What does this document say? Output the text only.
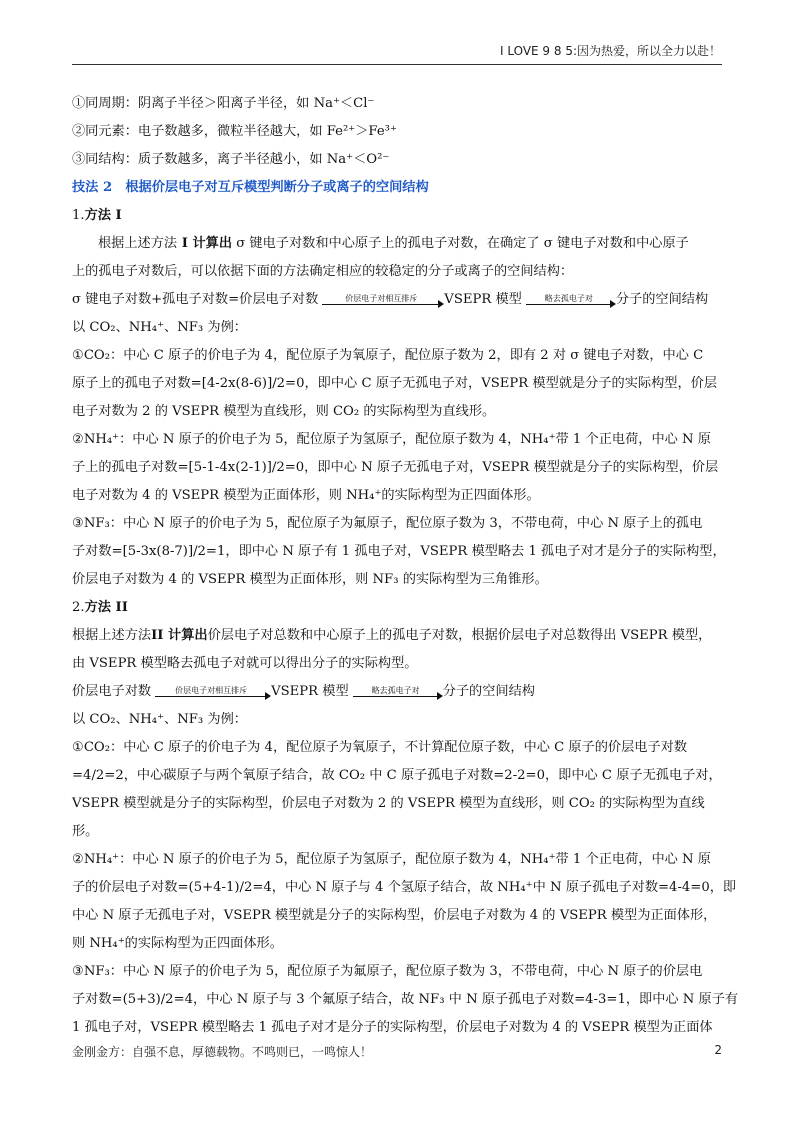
I LOVE 9 8 5:因为热爱，所以全力以赴！
①同周期：阴离子半径＞阳离子半径，如 Na⁺＜Cl⁻
②同元素：电子数越多，微粒半径越大，如 Fe²⁺＞Fe³⁺
③同结构：质子数越多，离子半径越小，如 Na⁺＜O²⁻
技法 2　根据价层电子对互斥模型判断分子或离子的空间结构
1.方法 I
根据上述方法 I 计算出 σ 键电子对数和中心原子上的孤电子对数，在确定了 σ 键电子对数和中心原子
上的孤电子对数后，可以依据下面的方法确定相应的较稳定的分子或离子的空间结构：
σ 键电子对数+孤电子对数=价层电子对数	价层电子对相互排斥	VSEPR 模型	略去孤电子对	分子的空间结构
以 CO₂、NH₄⁺、NF₃ 为例：
①CO₂：中心 C 原子的价电子为 4，配位原子为氧原子，配位原子数为 2，即有 2 对 σ 键电子对数，中心 C
原子上的孤电子对数=[4-2x(8-6)]/2=0，即中心 C 原子无孤电子对，VSEPR 模型就是分子的实际构型，价层
电子对数为 2 的 VSEPR 模型为直线形，则 CO₂ 的实际构型为直线形。
②NH₄⁺：中心 N 原子的价电子为 5，配位原子为氢原子，配位原子数为 4，NH₄⁺带 1 个正电荷，中心 N 原
子上的孤电子对数=[5-1-4x(2-1)]/2=0，即中心 N 原子无孤电子对，VSEPR 模型就是分子的实际构型，价层
电子对数为 4 的 VSEPR 模型为正面体形，则 NH₄⁺的实际构型为正四面体形。
③NF₃：中心 N 原子的价电子为 5，配位原子为氟原子，配位原子数为 3，不带电荷，中心 N 原子上的孤电
子对数=[5-3x(8-7)]/2=1，即中心 N 原子有 1 孤电子对，VSEPR 模型略去 1 孤电子对才是分子的实际构型，
价层电子对数为 4 的 VSEPR 模型为正面体形，则 NF₃ 的实际构型为三角锥形。
2.方法 II
根据上述方法II 计算出价层电子对总数和中心原子上的孤电子对数，根据价层电子对总数得出 VSEPR 模型，
由 VSEPR 模型略去孤电子对就可以得出分子的实际构型。
价层电子对数	价层电子对相互排斥	VSEPR 模型	略去孤电子对	分子的空间结构
以 CO₂、NH₄⁺、NF₃ 为例：
①CO₂：中心 C 原子的价电子为 4，配位原子为氧原子，不计算配位原子数，中心 C 原子的价层电子对数
=4/2=2，中心碳原子与两个氧原子结合，故 CO₂ 中 C 原子孤电子对数=2-2=0，即中心 C 原子无孤电子对，
VSEPR 模型就是分子的实际构型，价层电子对数为 2 的 VSEPR 模型为直线形，则 CO₂ 的实际构型为直线
形。
②NH₄⁺：中心 N 原子的价电子为 5，配位原子为氢原子，配位原子数为 4，NH₄⁺带 1 个正电荷，中心 N 原
子的价层电子对数=(5+4-1)/2=4，中心 N 原子与 4 个氢原子结合，故 NH₄⁺中 N 原子孤电子对数=4-4=0，即
中心 N 原子无孤电子对，VSEPR 模型就是分子的实际构型，价层电子对数为 4 的 VSEPR 模型为正面体形，
则 NH₄⁺的实际构型为正四面体形。
③NF₃：中心 N 原子的价电子为 5，配位原子为氟原子，配位原子数为 3，不带电荷，中心 N 原子的价层电
子对数=(5+3)/2=4，中心 N 原子与 3 个氟原子结合，故 NF₃ 中 N 原子孤电子对数=4-3=1，即中心 N 原子有
1 孤电子对，VSEPR 模型略去 1 孤电子对才是分子的实际构型，价层电子对数为 4 的 VSEPR 模型为正面体
金刚金方：自强不息，厚德载物。不鸣则已，一鸣惊人！	2
